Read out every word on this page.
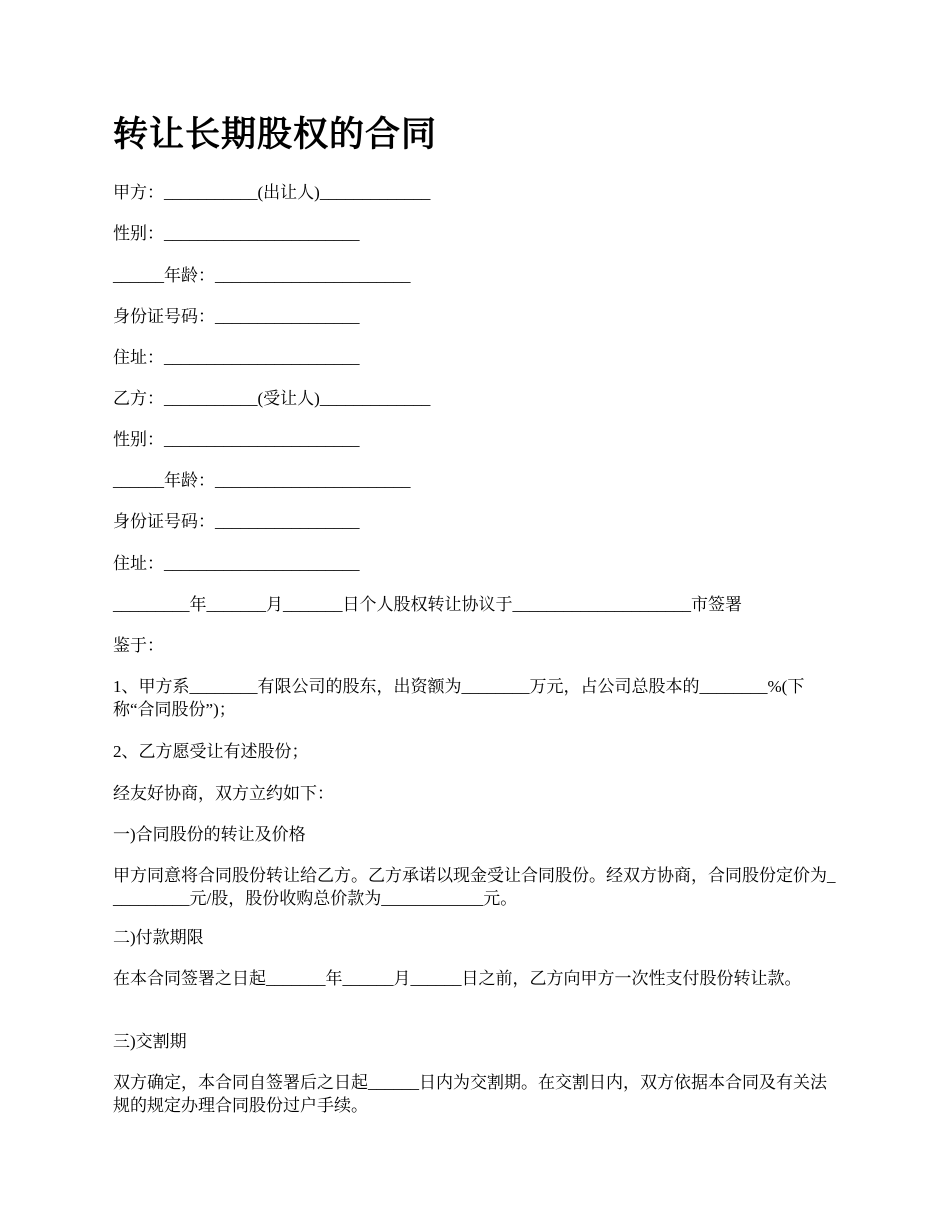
转让长期股权的合同

甲方：___________(出让人)_____________

性别：_______________________

______年龄：_______________________

身份证号码：_________________

住址：_______________________

乙方：___________(受让人)_____________

性别：_______________________

______年龄：_______________________

身份证号码：_________________

住址：_______________________

_________年_______月_______日个人股权转让协议于_____________________市签署

鉴于：

1、甲方系________有限公司的股东，出资额为________万元，占公司总股本的________%(下称“合同股份”)；

2、乙方愿受让有述股份；

经友好协商，双方立约如下：

一)合同股份的转让及价格

甲方同意将合同股份转让给乙方。乙方承诺以现金受让合同股份。经双方协商，合同股份定价为__________元/股，股份收购总价款为____________元。

二)付款期限

在本合同签署之日起_______年______月______日之前，乙方向甲方一次性支付股份转让款。

三)交割期

双方确定，本合同自签署后之日起______日内为交割期。在交割日内，双方依据本合同及有关法规的规定办理合同股份过户手续。
